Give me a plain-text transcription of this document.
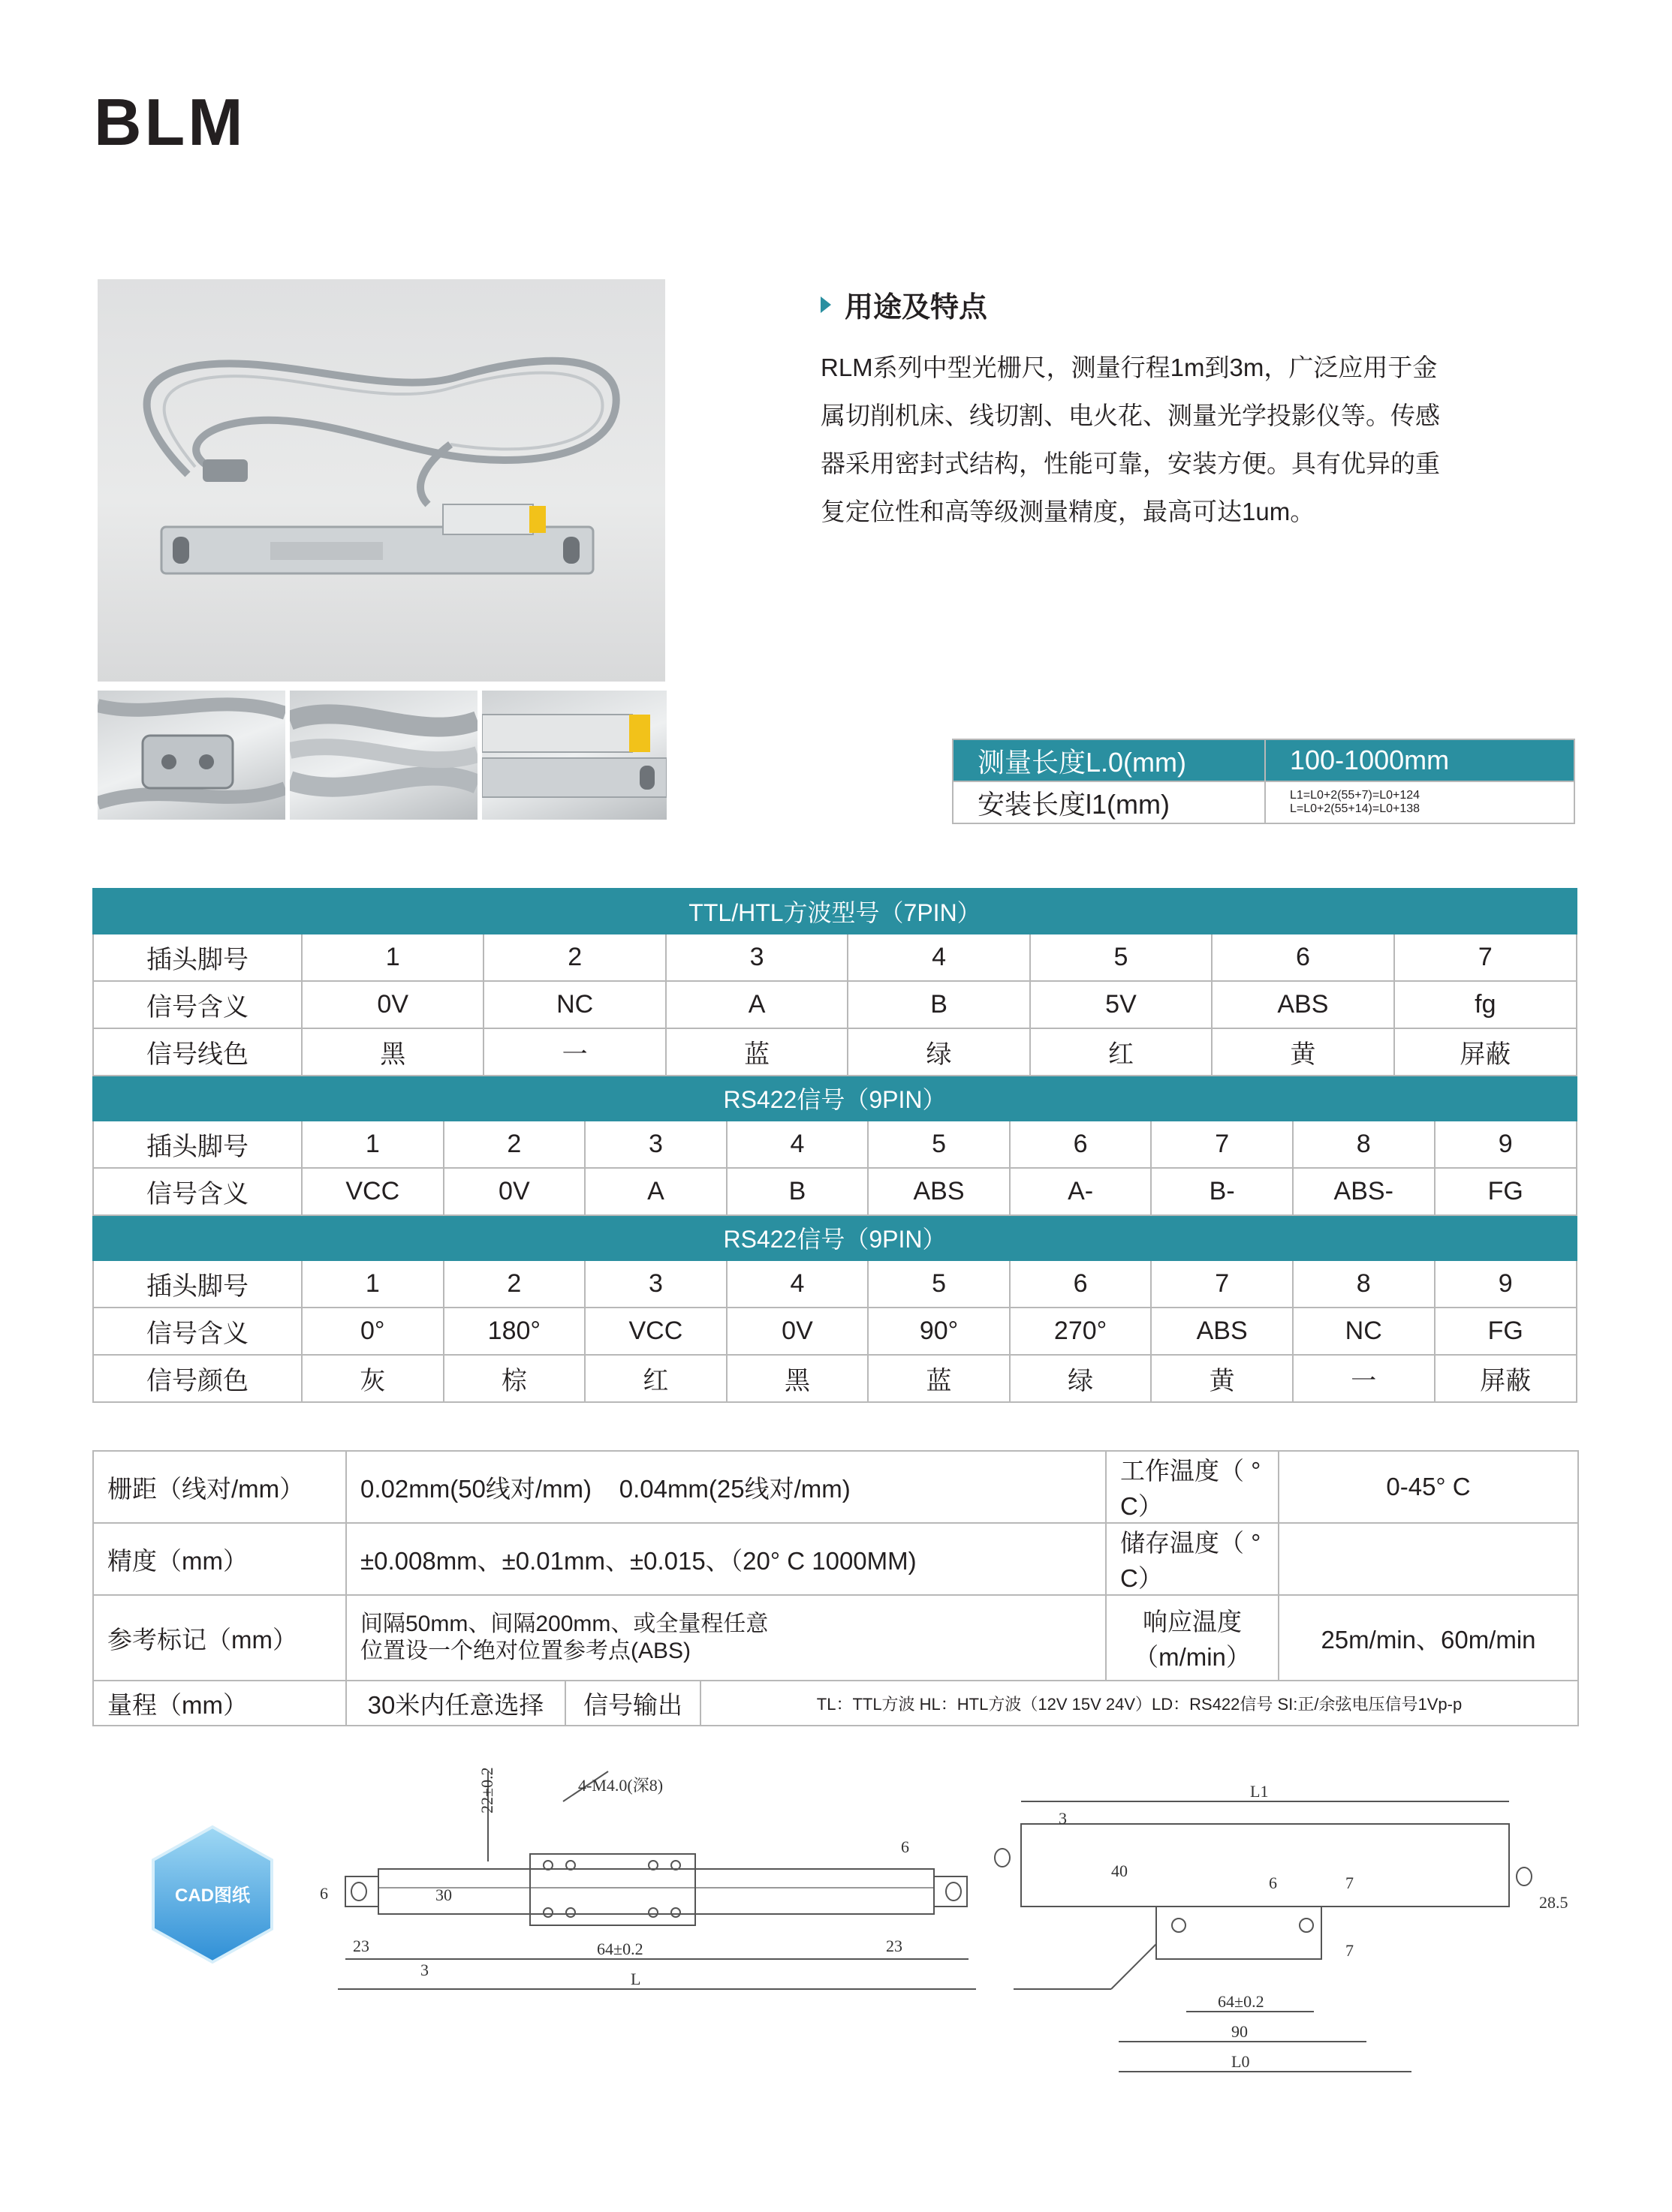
BLM
用途及特点
RLM系列中型光栅尺，测量行程1m到3m，广泛应用于金
属切削机床、线切割、电火花、测量光学投影仪等。传感
器采用密封式结构，性能可靠，安装方便。具有优异的重
复定位性和高等级测量精度，最高可达1um。
测量长度L.0(mm)	100-1000mm
安装长度l1(mm)	L1=L0+2(55+7)=L0+124
L=L0+2(55+14)=L0+138
TTL/HTL方波型号（7PIN）															
插头脚号	1		2		3		4			5		6		7	
信号含义	0V		NC		A		B			5V		ABS		fg	
信号线色	黑		一		蓝		绿			红		黄		屏蔽	
RS422信号（9PIN）															
插头脚号	1	2		3		4		5	6		7		8		9
信号含义	VCC	0V		A		B		ABS	A-		B-		ABS-		FG
RS422信号（9PIN）															
插头脚号	1	2		3		4		5	6		7		8		9
信号含义	0°	180°		VCC		0V		90°	270°		ABS		NC		FG
信号颜色	灰	棕		红		黑		蓝	绿		黄		一		屏蔽
栅距（线对/mm）	0.02mm(50线对/mm)    0.04mm(25线对/mm)			工作温度（ ° C）	0-45° C
精度（mm）	±0.008mm、±0.01mm、±0.015、（20° C 1000MM)			储存温度（ ° C）	
参考标记（mm）	间隔50mm、间隔200mm、或全量程任意
位置设一个绝对位置参考点(ABS)			响应温度（m/min）	25m/min、60m/min
量程（mm）	30米内任意选择	信号输出	TL：TTL方波 HL：HTL方波（12V 15V 24V）LD：RS422信号 SI:正/余弦电压信号1Vp-p		
CAD图纸
22±0.2	4-M4.0(深8)
6
6	30
3
23	23
64±0.2
L
L1
3
40
6	7
7
28.5
64±0.2
90
L0
